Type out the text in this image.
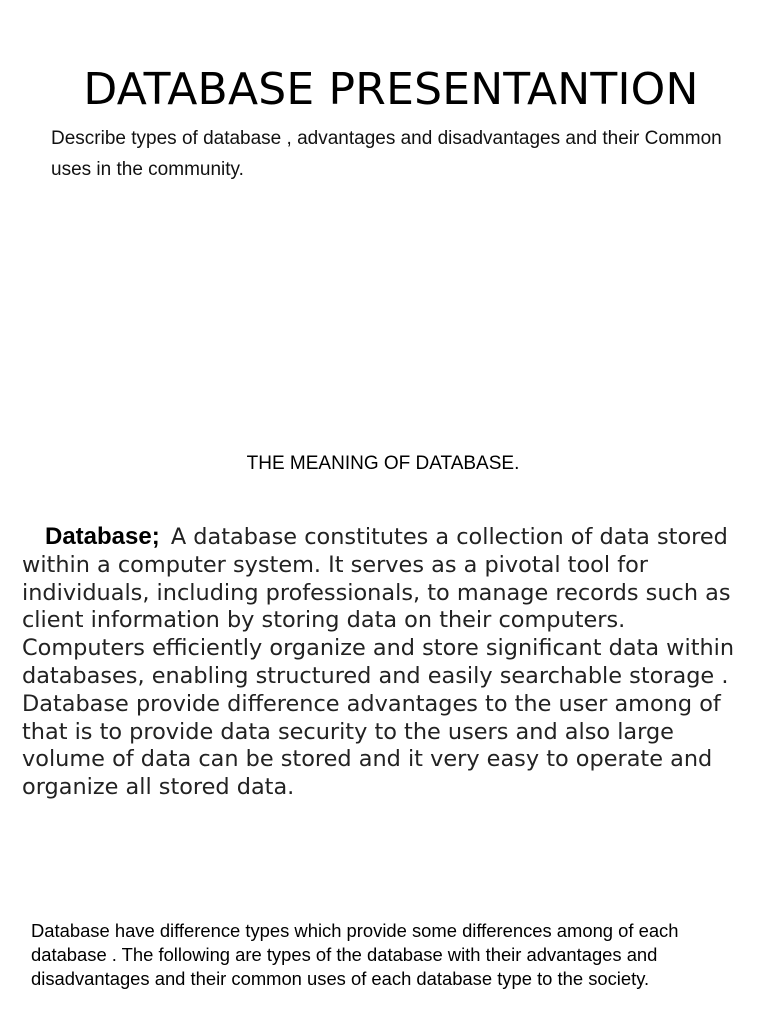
DATABASE PRESENTANTION

Describe types of database , advantages and disadvantages and their Common uses in the community.

THE MEANING OF DATABASE.

Database; A database constitutes a collection of data stored within a computer system. It serves as a pivotal tool for individuals, including professionals, to manage records such as client information by storing data on their computers. Computers efficiently organize and store significant data within databases, enabling structured and easily searchable storage . Database provide difference advantages to the user among of that is to provide data security to the users and also large volume of data can be stored and it very easy to operate and organize all stored data.

Database have difference types which provide some differences among of each database . The following are types of the database with their advantages and disadvantages and their common uses of each database type to the society.
